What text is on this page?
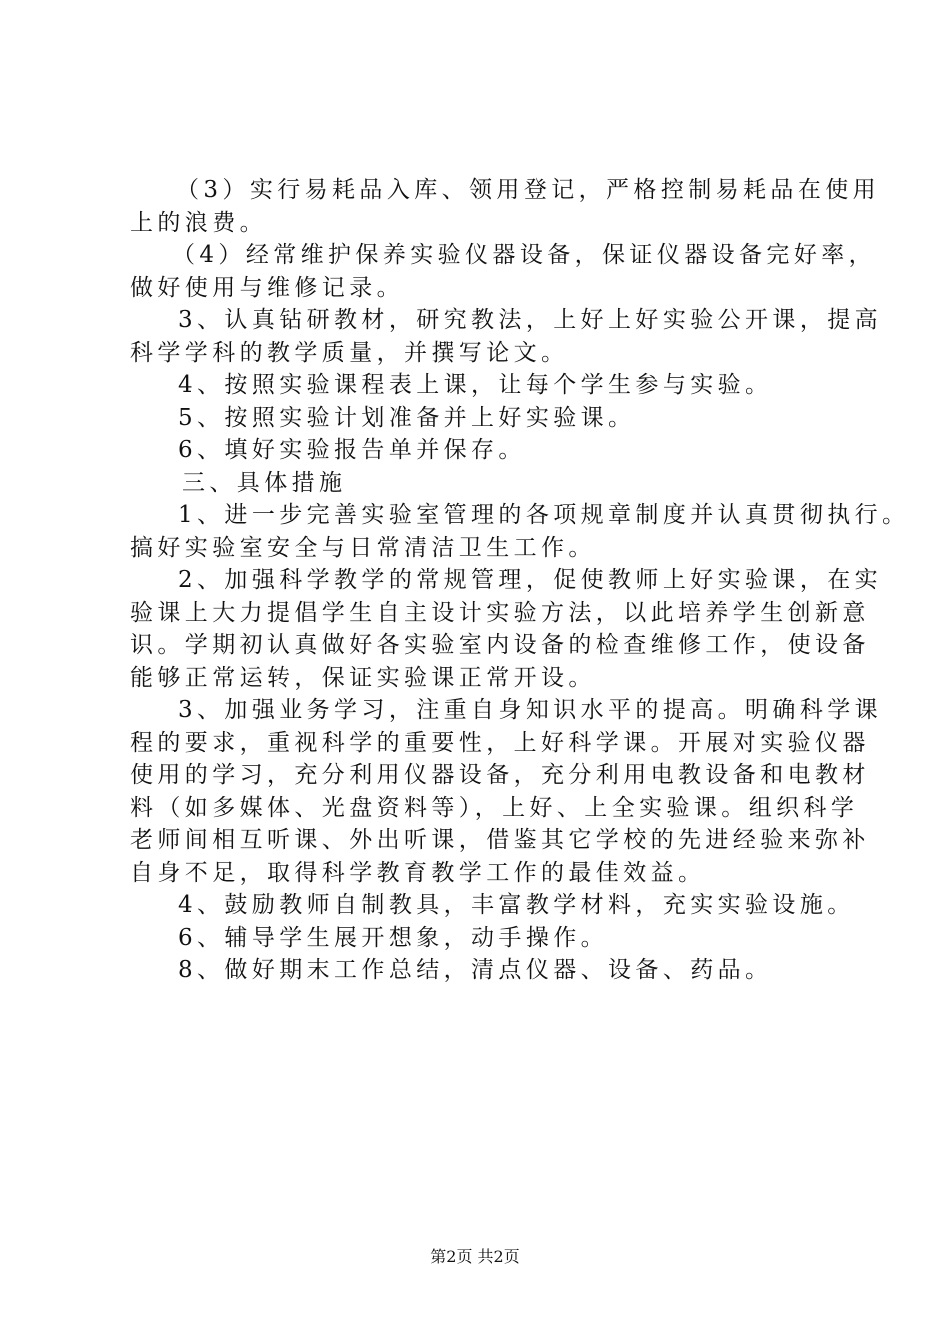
（3）实行易耗品入库、领用登记，严格控制易耗品在使用
上的浪费。
（4）经常维护保养实验仪器设备，保证仪器设备完好率，
做好使用与维修记录。
3、认真钻研教材，研究教法，上好上好实验公开课，提高
科学学科的教学质量，并撰写论文。
4、按照实验课程表上课，让每个学生参与实验。
5、按照实验计划准备并上好实验课。
6、填好实验报告单并保存。
三、具体措施
1、进一步完善实验室管理的各项规章制度并认真贯彻执行。
搞好实验室安全与日常清洁卫生工作。
2、加强科学教学的常规管理，促使教师上好实验课，在实
验课上大力提倡学生自主设计实验方法，以此培养学生创新意
识。学期初认真做好各实验室内设备的检查维修工作，使设备
能够正常运转，保证实验课正常开设。
3、加强业务学习，注重自身知识水平的提高。明确科学课
程的要求，重视科学的重要性，上好科学课。开展对实验仪器
使用的学习，充分利用仪器设备，充分利用电教设备和电教材
料（如多媒体、光盘资料等），上好、上全实验课。组织科学
老师间相互听课、外出听课，借鉴其它学校的先进经验来弥补
自身不足，取得科学教育教学工作的最佳效益。
4、鼓励教师自制教具，丰富教学材料，充实实验设施。
6、辅导学生展开想象，动手操作。
8、做好期末工作总结，清点仪器、设备、药品。
第2页 共2页
